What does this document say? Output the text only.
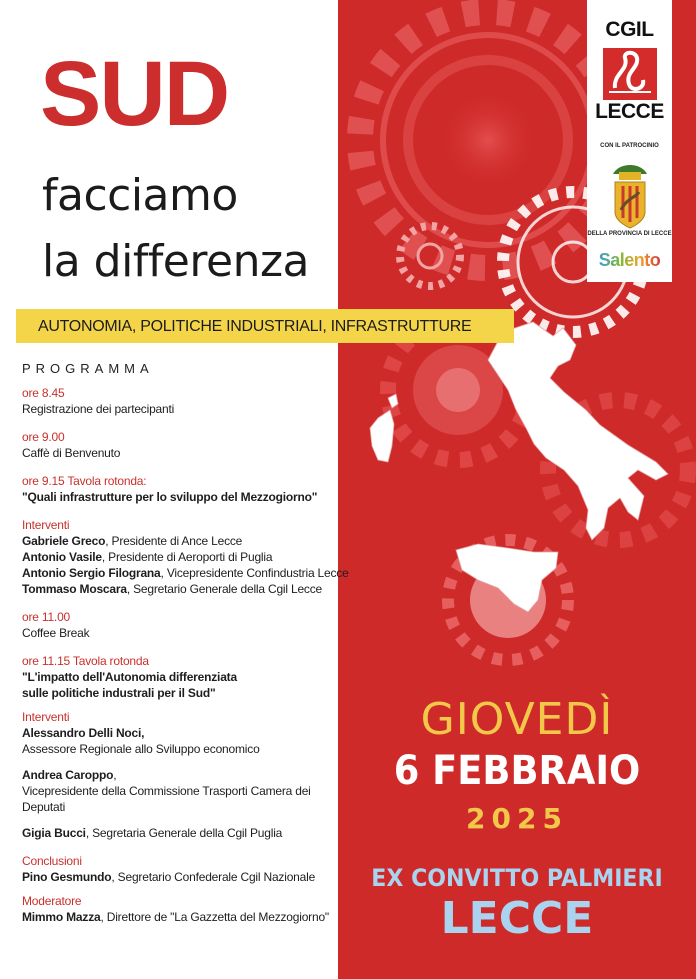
SUD
facciamo
la differenza
AUTONOMIA, POLITICHE INDUSTRIALI, INFRASTRUTTURE
PROGRAMMA
ore 8.45
Registrazione dei partecipanti
ore 9.00
Caffè di Benvenuto
ore 9.15 Tavola rotonda:
"Quali infrastrutture per lo sviluppo del Mezzogiorno"
Interventi
Gabriele Greco, Presidente di Ance Lecce
Antonio Vasile, Presidente di Aeroporti di Puglia
Antonio Sergio Filograna, Vicepresidente Confindustria Lecce
Tommaso Moscara, Segretario Generale della Cgil Lecce
ore 11.00
Coffee Break
ore 11.15 Tavola rotonda
"L'impatto dell'Autonomia differenziata
sulle politiche industrali per il Sud"
Interventi
Alessandro Delli Noci,
Assessore Regionale allo Sviluppo economico
Andrea Caroppo,
Vicepresidente della Commissione Trasporti Camera dei Deputati
Gigia Bucci, Segretaria Generale della Cgil Puglia
Conclusioni
Pino Gesmundo, Segretario Confederale Cgil Nazionale
Moderatore
Mimmo Mazza, Direttore de "La Gazzetta del Mezzogiorno"
CGIL
LECCE
CON IL PATROCINIO
DELLA PROVINCIA DI LECCE
Salento
GIOVEDÌ
6 FEBBRAIO
2025
EX CONVITTO PALMIERI
LECCE
